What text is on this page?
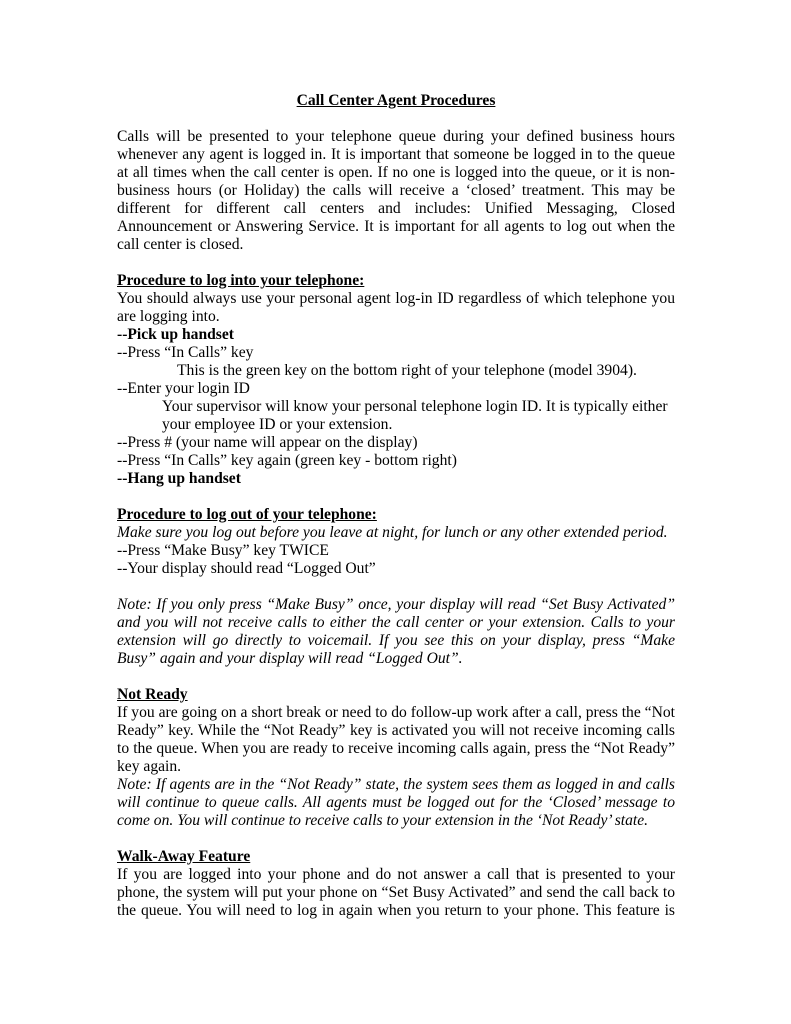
Call Center Agent Procedures
Calls will be presented to your telephone queue during your defined business hours
whenever any agent is logged in. It is important that someone be logged in to the queue
at all times when the call center is open. If no one is logged into the queue, or it is non-
business hours (or Holiday) the calls will receive a ‘closed’ treatment. This may be
different for different call centers and includes: Unified Messaging, Closed
Announcement or Answering Service. It is important for all agents to log out when the
call center is closed.
Procedure to log into your telephone:
You should always use your personal agent log-in ID regardless of which telephone you
are logging into.
--Pick up handset
--Press “In Calls” key
This is the green key on the bottom right of your telephone (model 3904).
--Enter your login ID
Your supervisor will know your personal telephone login ID. It is typically either
your employee ID or your extension.
--Press # (your name will appear on the display)
--Press “In Calls” key again (green key - bottom right)
--Hang up handset
Procedure to log out of your telephone:
Make sure you log out before you leave at night, for lunch or any other extended period.
--Press “Make Busy” key TWICE
--Your display should read “Logged Out”
Note: If you only press “Make Busy” once, your display will read “Set Busy Activated”
and you will not receive calls to either the call center or your extension. Calls to your
extension will go directly to voicemail. If you see this on your display, press “Make
Busy” again and your display will read “Logged Out”.
Not Ready
If you are going on a short break or need to do follow-up work after a call, press the “Not
Ready” key. While the “Not Ready” key is activated you will not receive incoming calls
to the queue. When you are ready to receive incoming calls again, press the “Not Ready”
key again.
Note: If agents are in the “Not Ready” state, the system sees them as logged in and calls
will continue to queue calls. All agents must be logged out for the ‘Closed’ message to
come on. You will continue to receive calls to your extension in the ‘Not Ready’ state.
Walk-Away Feature
If you are logged into your phone and do not answer a call that is presented to your
phone, the system will put your phone on “Set Busy Activated” and send the call back to
the queue. You will need to log in again when you return to your phone. This feature is
